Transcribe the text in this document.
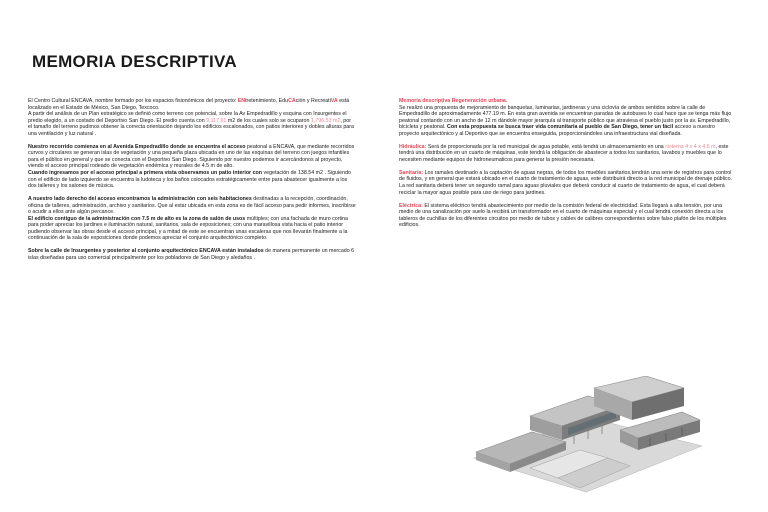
MEMORIA DESCRIPTIVA

El Centro Cultural ENCAVA, nombre formado por los espacios fisionómicos del proyecto: ENtretenimiento, EduCAción y RecreatiVA está localizado en el Estado de México, San Diego, Texcoco.

A partir del análisis de un Plan estratégico se definió como terreno con potencial, sobre la Av Empedradillo y esquina con Insurgentes el predio elegido, a un costado del Deportivo San Diego. El predio cuenta con 9,117.61 m2 de los cuales solo se ocuparon 1,796.53 m2, por el tamaño del terreno pudimos obtener la correcta orientación dejando los edificios escalonados, con patios interiores y dobles alturas para una ventilación y luz natural .

Nuestro recorrido comienza en al Avenida Empedradillo donde se encuentra el acceso peatonal a ENCAVA, que mediante recorridos curvos y circulares se generan islas de vegetación y una pequeña plaza ubicada en uno de las esquinas del terreno con juegos infantiles para el público en general y que se conecta con el Deportivo San Diego. Siguiendo por nuestro podemos ir acercándonos al proyecto, viendo el acceso principal rodeado de vegetación endémica y murales de 4.5 m de alto.

Cuando ingresamos por el acceso principal a primera vista observamos un patio interior con vegetación de 138.54 m2 . Siguiendo con el edificio de lado izquierdo se encuentra la ludoteca y los baños colocados estratégicamente entre para abastecer igualmente a los dos talleres y los salones de música.

A nuestro lado derecho del acceso encontramos la administración con seis habitaciones destinadas a la recepción, coordinación, oficina de talleres, administración, archivo y sanitarios. Que al estar ubicada en esta zona es de fácil acceso para pedir informes, inscribirse o acudir a ellos ante algún percance.

El edificio contiguo de la administración con 7.5 m de alto es la zona de salón de usos múltiples; con una fachada de muro cortina para poder apreciar los jardines e iluminación natural, sanitarios, sala de exposiciones; con una maravillosa vista hacia el patio interior pudiendo observar las obras desde el acceso principal, y a mitad de este se encuentran unas escaleras que nos llevarán finalmente a la continuación de la sala de exposiciones donde podemos apreciar el conjunto arquitectónico completo.

Sobre la calle de Insurgentes y posterior al conjunto arquitectónico ENCAVA están instalados de manera permanente un mercado 6 islas diseñadas para uso comercial principalmente por los pobladores de San Diego y aledaños .

Memoria descriptiva Regeneración urbana.
Se realizó una propuesta de mejoramiento de banquetas, luminarias, jardineras y una ciclovía de ambos sentidos sobre la calle de Empedradillo de aproximadamente 477.19 m. En esta gran avenida se encuentran paradas de autobuses lo cual hace que se tenga más flujo peatonal contando con un ancho de 12 m dándole mayor jerarquía al transporte público que atraviesa el pueblo justo por la av. Empedradillo, bicicleta y peatonal. Con esta propuesta se busca traer vida comunitaria al pueblo de San Diego, tener un fácil acceso a nuestro proyecto arquitectónico y al Deportivo que se encuentra enseguida, proporcionándoles una infraestructura vial diseñada.

Hidráulica: Será de proporcionada por la red municipal de agua potable, está tendrá un almacenamiento en una cisterna 4 x 4 x 4.5 m, este tendrá una distribución en un cuarto de máquinas, este tendrá la obligación de abastecer a todos los sanitarios, lavabos y muebles que lo necesiten mediante equipos de hidroneumaticos para generar la presión necesaria.

Sanitaria: Los ramales destinado a la captación de aguas negras, de todos los muebles sanitarios,tendrán una serie de registros para control de fluidos, y en general que estará ubicado en el cuarto de tratamiento de aguas, este distribuirá directo a la red municipal de drenaje público. La red sanitaria deberá tener un segundo ramal para aguas pluviales que deberá conducir al cuarto de tratamiento de agua, el cual deberá reciclar la mayor agua posible para uso de riego para jardines.

Eléctrica: El sistema eléctrico tendrá abastecimiento por medio de la comisión federal de electricidad. Esta llegará a alta tensión, por una medio de una canalización por suelo la recibirá un transformador en el cuarto de máquinas especial y el cual tendrá conexión directa a los tableros de cuchillas de los diferentes circuitos por medio de tubos y cables de calibres correspondientes sobre falso plafón de los múltiples edificios.
